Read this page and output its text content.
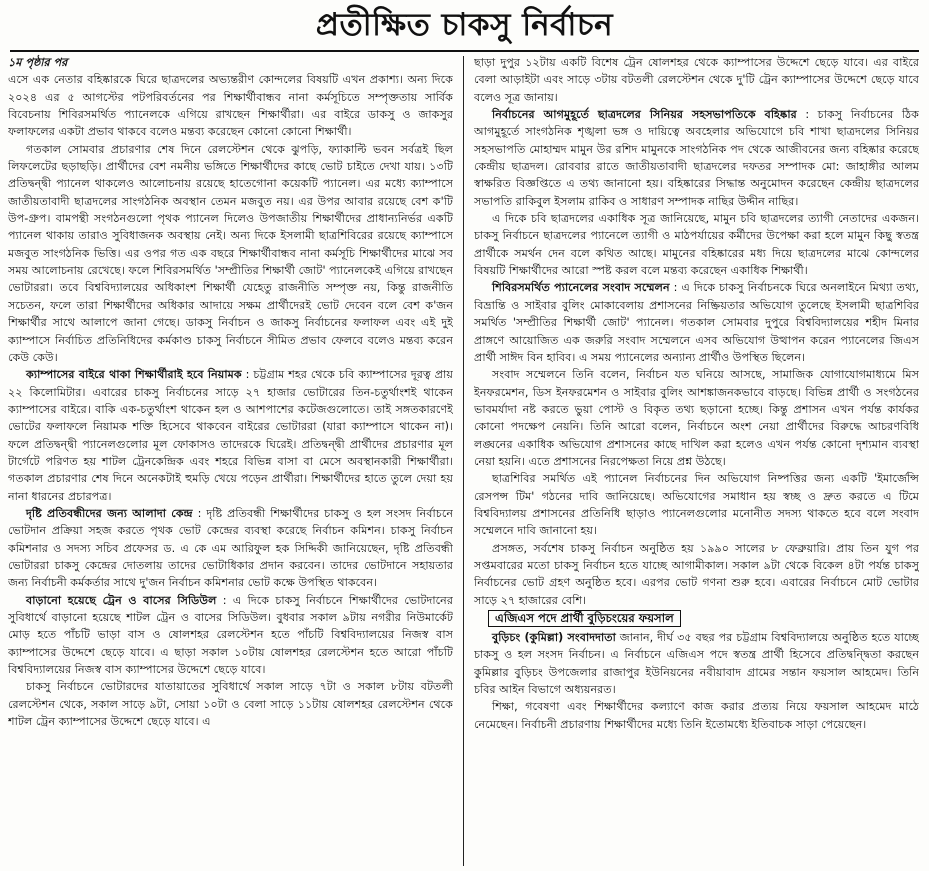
প্রতীক্ষিত চাকসু নির্বাচন

১ম পৃষ্ঠার পর

এসে এক নেতার বহিষ্কারকে ঘিরে ছাত্রদলের অভ্যন্তরীণ কোন্দলের বিষয়টি এখন প্রকাশ্য। অন্য দিকে ২০২৪ এর ৫ আগস্টের পটপরিবর্তনের পর শিক্ষার্থীবান্ধব নানা কর্মসূচিতে সম্পৃক্ততায় সার্বিক বিবেচনায় শিবিরসমর্থিত প্যানেলকে এগিয়ে রাখছেন শিক্ষার্থীরা। এর বাইরে ডাকসু ও জাকসুর ফলাফলের একটা প্রভাব থাকবে বলেও মন্তব্য করেছেন কোনো কোনো শিক্ষার্থী।

গতকাল সোমবার প্রচারণার শেষ দিনে রেলস্টেশন থেকে ঝুপড়ি, ফ্যাকাল্টি ভবন সর্বত্রই ছিল লিফলেটের ছড়াছড়ি। প্রার্থীদের বেশ নমনীয় ভঙ্গিতে শিক্ষার্থীদের কাছে ভোট চাইতে দেখা যায়। ১৩টি প্রতিদ্বন্দ্বী প্যানেল থাকলেও আলোচনায় রয়েছে হাতেগোনা কয়েকটি প্যানেল। এর মধ্যে ক্যাম্পাসে জাতীয়তাবাদী ছাত্রদলের সাংগঠনিক অবস্থান তেমন মজবুত নয়। এর উপর আবার রয়েছে বেশ ক'টি উপ-গ্রুপ। বামপন্থী সংগঠনগুলো পৃথক প্যানেল দিলেও উপজাতীয় শিক্ষার্থীদের প্রাধান্যনির্ভর একটি প্যানেল থাকায় তারাও সুবিধাজনক অবস্থায় নেই। অন্য দিকে ইসলামী ছাত্রশিবিরের রয়েছে ক্যাম্পাসে মজবুত সাংগঠনিক ভিত্তি। এর ওপর গত এক বছরে শিক্ষার্থীবান্ধব নানা কর্মসূচি শিক্ষার্থীদের মাঝে সব সময় আলোচনায় রেখেছে। ফলে শিবিরসমর্থিত 'সম্প্রীতির শিক্ষার্থী জোট' প্যানেলকেই এগিয়ে রাখছেন ভোটাররা। তবে বিশ্ববিদ্যালয়ের অধিকাংশ শিক্ষার্থী যেহেতু রাজনীতি সম্পৃক্ত নয়, কিন্তু রাজনীতি সচেতন, ফলে তারা শিক্ষার্থীদের অধিকার আদায়ে সক্ষম প্রার্থীদেরই ভোট দেবেন বলে বেশ ক'জন শিক্ষার্থীর সাথে আলাপে জানা গেছে। ডাকসু নির্বাচন ও জাকসু নির্বাচনের ফলাফল এবং এই দুই ক্যাম্পাসে নির্বাচিত প্রতিনিধিদের কর্মকাণ্ড চাকসু নির্বাচনে সীমিত প্রভাব ফেলবে বলেও মন্তব্য করেন কেউ কেউ।

ক্যাম্পাসের বাইরে থাকা শিক্ষার্থীরাই হবে নিয়ামক : চট্টগ্রাম শহর থেকে চবি ক্যাম্পাসের দূরত্ব প্রায় ২২ কিলোমিটার। এবারের চাকসু নির্বাচনের সাড়ে ২৭ হাজার ভোটারের তিন-চতুর্থাংশই থাকেন ক্যাম্পাসের বাইরে। বাকি এক-চতুর্থাংশ থাকেন হল ও আশপাশের কটেজগুলোতে। তাই সঙ্গতকারণেই ভোটের ফলাফলে নিয়ামক শক্তি হিসেবে থাকবেন বাইরের ভোটাররা (যারা ক্যাম্পাসে থাকেন না)। ফলে প্রতিদ্বন্দ্বী প্যানেলগুলোর মূল ফোকাসও তাদেরকে ঘিরেই। প্রতিদ্বন্দ্বী প্রার্থীদের প্রচারণার মূল টার্গেটে পরিণত হয় শাটল ট্রেনকেন্দ্রিক এবং শহরে বিভিন্ন বাসা বা মেসে অবস্থানকারী শিক্ষার্থীরা। গতকাল প্রচারণার শেষ দিনে অনেকটাই হুমড়ি খেয়ে পড়েন প্রার্থীরা। শিক্ষার্থীদের হাতে তুলে দেয়া হয় নানা ধারনের প্রচারপত্র।

দৃষ্টি প্রতিবন্ধীদের জন্য আলাদা কেন্দ্র : দৃষ্টি প্রতিবন্ধী শিক্ষার্থীদের চাকসু ও হল সংসদ নির্বাচনে ভোটদান প্রক্রিয়া সহজ করতে পৃথক ভোট কেন্দ্রের ব্যবস্থা করেছে নির্বাচন কমিশন। চাকসু নির্বাচন কমিশনার ও সদস্য সচিব প্রফেসর ড. এ কে এম আরিফুল হক সিদ্দিকী জানিয়েছেন, দৃষ্টি প্রতিবন্ধী ভোটাররা চাকসু কেন্দ্রের দোতলায় তাদের ভোটাধিকার প্রদান করবেন। তাদের ভোটদানে সহায়তার জন্য নির্বাচনী কর্মকর্তার সাথে দু'জন নির্বাচন কমিশনার ভোট কক্ষে উপস্থিত থাকবেন।

বাড়ানো হয়েছে ট্রেন ও বাসের সিডিউল : এ দিকে চাকসু নির্বাচনে শিক্ষার্থীদের ভোটদানের সুবিধার্থে বাড়ানো হয়েছে শাটল ট্রেন ও বাসের সিডিউল। বুধবার সকাল ৯টায় নগরীর নিউমার্কেট মোড় হতে পাঁচটি ভাড়া বাস ও ষোলশহর রেলস্টেশন হতে পাঁচটি বিশ্ববিদ্যালয়ের নিজস্ব বাস ক্যাম্পাসের উদ্দেশে ছেড়ে যাবে। এ ছাড়া সকাল ১০টায় ষোলশহর রেলস্টেশন হতে আরো পাঁচটি বিশ্ববিদ্যালয়ের নিজস্ব বাস ক্যাম্পাসের উদ্দেশে ছেড়ে যাবে।

চাকসু নির্বাচনে ভোটারদের যাতায়াতের সুবিধার্থে সকাল সাড়ে ৭টা ও সকাল ৮টায় বটতলী রেলস্টেশন থেকে, সকাল সাড়ে ৯টা, সোয়া ১০টা ও বেলা সাড়ে ১১টায় ষোলশহর রেলস্টেশন থেকে শাটল ট্রেন ক্যাম্পাসের উদ্দেশে ছেড়ে যাবে। এ

ছাড়া দুপুর ১২টায় একটি বিশেষ ট্রেন ষোলশহর থেকে ক্যাম্পাসের উদ্দেশে ছেড়ে যাবে। এর বাইরে বেলা আড়াইটা এবং সাড়ে ৩টায় বটতলী রেলস্টেশন থেকে দু'টি ট্রেন ক্যাম্পাসের উদ্দেশে ছেড়ে যাবে বলেও সূত্র জানায়।

নির্বাচনের আগমুহূর্তে ছাত্রদলের সিনিয়র সহসভাপতিকে বহিষ্কার : চাকসু নির্বাচনের ঠিক আগমুহূর্তে সাংগঠনিক শৃঙ্খলা ভঙ্গ ও দায়িত্বে অবহেলার অভিযোগে চবি শাখা ছাত্রদলের সিনিয়র সহসভাপতি মোহাম্মদ মামুন উর রশিদ মামুনকে সাংগঠনিক পদ থেকে আজীবনের জন্য বহিষ্কার করেছে কেন্দ্রীয় ছাত্রদল। রোববার রাতে জাতীয়তাবাদী ছাত্রদলের দফতর সম্পাদক মো: জাহাঙ্গীর আলম স্বাক্ষরিত বিজ্ঞপ্তিতে এ তথ্য জানানো হয়। বহিষ্কারের সিদ্ধান্ত অনুমোদন করেছেন কেন্দ্রীয় ছাত্রদলের সভাপতি রাকিবুল ইসলাম রাকিব ও সাধারণ সম্পাদক নাছির উদ্দীন নাছির।

এ দিকে চবি ছাত্রদলের একাধিক সূত্র জানিয়েছে, মামুন চবি ছাত্রদলের ত্যাগী নেতাদের একজন। চাকসু নির্বাচনে ছাত্রদলের প্যানেলে ত্যাগী ও মাঠপর্যায়ের কর্মীদের উপেক্ষা করা হলে মামুন কিছু স্বতন্ত্র প্রার্থীকে সমর্থন দেন বলে কথিত আছে। মামুনের বহিষ্কারের মধ্য দিয়ে ছাত্রদলের মাঝে কোন্দলের বিষয়টি শিক্ষার্থীদের আরো স্পষ্ট করল বলে মন্তব্য করেছেন একাধিক শিক্ষার্থী।

শিবিরসমর্থিত প্যানেলের সংবাদ সম্মেলন : এ দিকে চাকসু নির্বাচনকে ঘিরে অনলাইনে মিথ্যা তথ্য, বিভ্রান্তি ও সাইবার বুলিং মোকাবেলায় প্রশাসনের নিষ্ক্রিয়তার অভিযোগ তুলেছে ইসলামী ছাত্রশিবির সমর্থিত 'সম্প্রীতির শিক্ষার্থী জোট' প্যানেল। গতকাল সোমবার দুপুরে বিশ্ববিদ্যালয়ের শহীদ মিনার প্রাঙ্গণে আয়োজিত এক জরুরি সংবাদ সম্মেলনে এসব অভিযোগ উত্থাপন করেন প্যানেলের জিএস প্রার্থী সাঈদ বিন হাবিব। এ সময় প্যানেলের অন্যান্য প্রার্থীও উপস্থিত ছিলেন।

সংবাদ সম্মেলনে তিনি বলেন, নির্বাচন যত ঘনিয়ে আসছে, সামাজিক যোগাযোগমাধ্যমে মিস ইনফরমেশন, ডিস ইনফরমেশন ও সাইবার বুলিং আশঙ্কাজনকভাবে বাড়ছে। বিভিন্ন প্রার্থী ও সংগঠনের ভাবমর্যাদা নষ্ট করতে ভুয়া পোস্ট ও বিকৃত তথ্য ছড়ানো হচ্ছে। কিন্তু প্রশাসন এখন পর্যন্ত কার্যকর কোনো পদক্ষেপ নেয়নি। তিনি আরো বলেন, নির্বাচনে অংশ নেয়া প্রার্থীদের বিরুদ্ধে আচরণবিধি লঙ্ঘনের একাধিক অভিযোগ প্রশাসনের কাছে দাখিল করা হলেও এখন পর্যন্ত কোনো দৃশ্যমান ব্যবস্থা নেয়া হয়নি। এতে প্রশাসনের নিরপেক্ষতা নিয়ে প্রশ্ন উঠছে।

ছাত্রশিবির সমর্থিত এই প্যানেল নির্বাচনের দিন অভিযোগ নিষ্পত্তির জন্য একটি 'ইমার্জেন্সি রেসপন্স টিম' গঠনের দাবি জানিয়েছে। অভিযোগের সমাধান হয় স্বচ্ছ ও দ্রুত করতে এ টিমে বিশ্ববিদ্যালয় প্রশাসনের প্রতিনিধি ছাড়াও প্যানেলগুলোর মনোনীত সদস্য থাকতে হবে বলে সংবাদ সম্মেলনে দাবি জানানো হয়।

প্রসঙ্গত, সর্বশেষ চাকসু নির্বাচন অনুষ্ঠিত হয় ১৯৯০ সালের ৮ ফেব্রুয়ারি। প্রায় তিন যুগ পর সপ্তমবারের মতো চাকসু নির্বাচন হতে যাচ্ছে আগামীকাল। সকাল ৯টা থেকে বিকেল ৪টা পর্যন্ত চাকসু নির্বাচনের ভোট গ্রহণ অনুষ্ঠিত হবে। এরপর ভোট গণনা শুরু হবে। এবারের নির্বাচনে মোট ভোটার সাড়ে ২৭ হাজারের বেশি।

এজিএস পদে প্রার্থী বুড়িচংয়ের ফয়সাল

বুড়িচং (কুমিল্লা) সংবাদদাতা জানান, দীর্ঘ ৩৫ বছর পর চট্টগ্রাম বিশ্ববিদ্যালয়ে অনুষ্ঠিত হতে যাচ্ছে চাকসু ও হল সংসদ নির্বাচন। এ নির্বাচনে এজিএস পদে স্বতন্ত্র প্রার্থী হিসেবে প্রতিদ্বন্দ্বিতা করছেন কুমিল্লার বুড়িচং উপজেলার রাজাপুর ইউনিয়নের নবীয়াবাদ গ্রামের সন্তান ফয়সাল আহমেদ। তিনি চবির আইন বিভাগে অধ্যয়নরত।

শিক্ষা, গবেষণা এবং শিক্ষার্থীদের কল্যাণে কাজ করার প্রত্যয় নিয়ে ফয়সাল আহমেদ মাঠে নেমেছেন। নির্বাচনী প্রচারণায় শিক্ষার্থীদের মধ্যে তিনি ইতোমধ্যে ইতিবাচক সাড়া পেয়েছেন।
